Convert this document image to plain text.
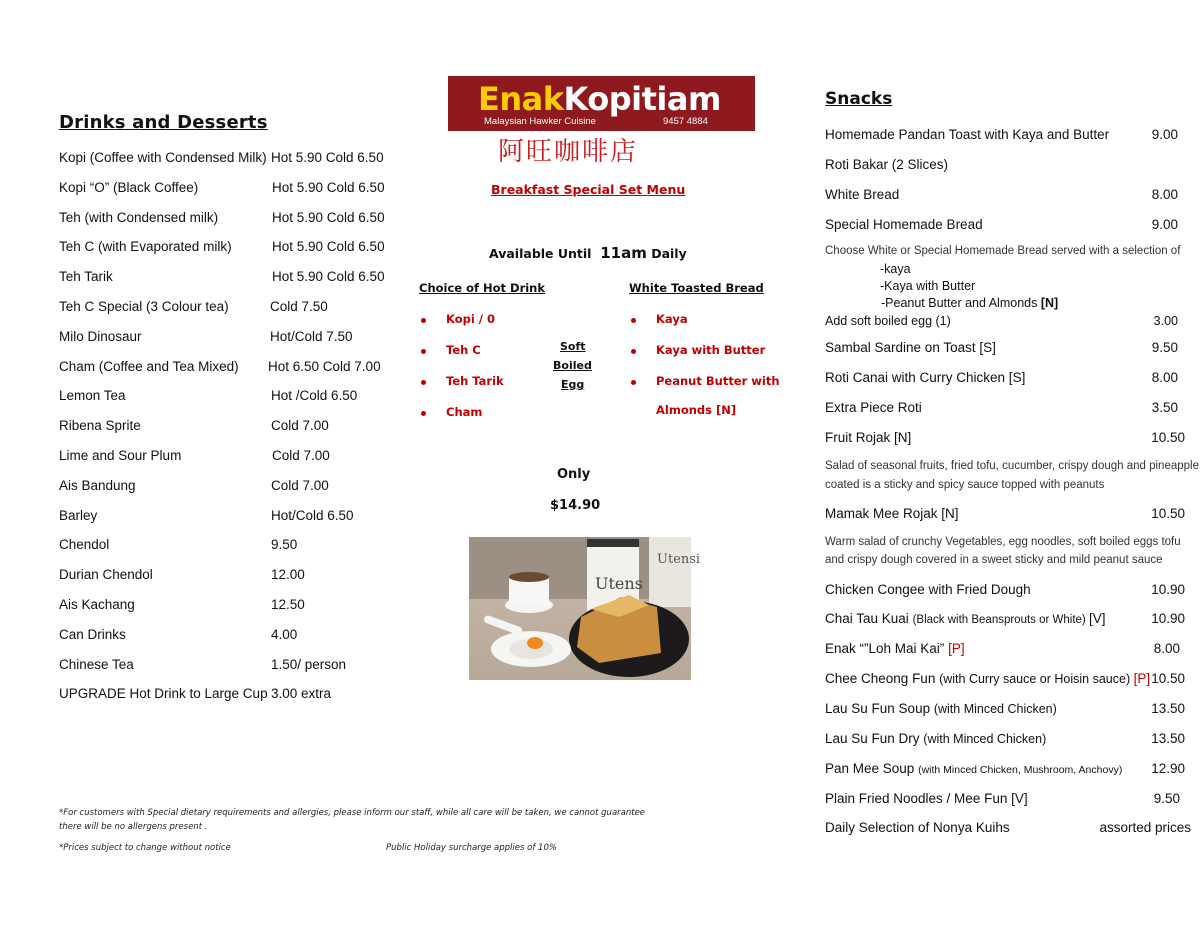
Drinks and Desserts
Kopi (Coffee with Condensed Milk) Hot 5.90 Cold 6.50
Kopi “O” (Black Coffee)	Hot 5.90 Cold 6.50
Teh (with Condensed milk)	Hot 5.90 Cold 6.50
Teh C (with Evaporated milk)	Hot 5.90 Cold 6.50
Teh Tarik	Hot 5.90 Cold 6.50
Teh C Special (3 Colour tea)	Cold 7.50
Milo Dinosaur	Hot/Cold 7.50
Cham (Coffee and Tea Mixed) Hot 6.50 Cold 7.00
Lemon Tea	Hot /Cold 6.50
Ribena Sprite	Cold 7.00
Lime and Sour Plum	Cold 7.00
Ais Bandung	Cold 7.00
Barley	Hot/Cold 6.50
Chendol	9.50
Durian Chendol	12.00
Ais Kachang	12.50
Can Drinks	4.00
Chinese Tea	1.50/ person
UPGRADE Hot Drink to Large Cup 3.00 extra
*For customers with Special dietary requirements and allergies, please inform our staff, while all care will be taken, we cannot guarantee
there will be no allergens present .
*Prices subject to change without notice	Public Holiday surcharge applies of 10%
EnakKopitiam
Malaysian Hawker Cuisine	9457 4884
阿旺咖啡店
Breakfast Special Set Menu
Available Until 11am Daily
Choice of Hot Drink	White Toasted Bread
Kopi / 0
Teh C
Teh Tarik
Cham
Soft
Boiled
Egg
Kaya
Kaya with Butter
Peanut Butter with
Almonds [N]
Only
$14.90
Utensi
Utens
Snacks
Homemade Pandan Toast with Kaya and Butter	9.00
Roti Bakar (2 Slices)
White Bread	8.00
Special Homemade Bread	9.00
Choose White or Special Homemade Bread served with a selection of
-kaya
-Kaya with Butter
-Peanut Butter and Almonds [N]
Add soft boiled egg (1)	3.00
Sambal Sardine on Toast [S]	9.50
Roti Canai with Curry Chicken [S]	8.00
Extra Piece Roti	3.50
Fruit Rojak [N]	10.50
Salad of seasonal fruits, fried tofu, cucumber, crispy dough and pineapple
coated is a sticky and spicy sauce topped with peanuts
Mamak Mee Rojak [N]	10.50
Warm salad of crunchy Vegetables, egg noodles, soft boiled eggs tofu
and crispy dough covered in a sweet sticky and mild peanut sauce
Chicken Congee with Fried Dough	10.90
Chai Tau Kuai (Black with Beansprouts or White) [V]	10.90
Enak “”Loh Mai Kai” [P]	8.00
Chee Cheong Fun (with Curry sauce or Hoisin sauce) [P] 10.50
Lau Su Fun Soup (with Minced Chicken)	13.50
Lau Su Fun Dry (with Minced Chicken)	13.50
Pan Mee Soup (with Minced Chicken, Mushroom, Anchovy) 12.90
Plain Fried Noodles / Mee Fun [V]	9.50
Daily Selection of Nonya Kuihs	assorted prices
